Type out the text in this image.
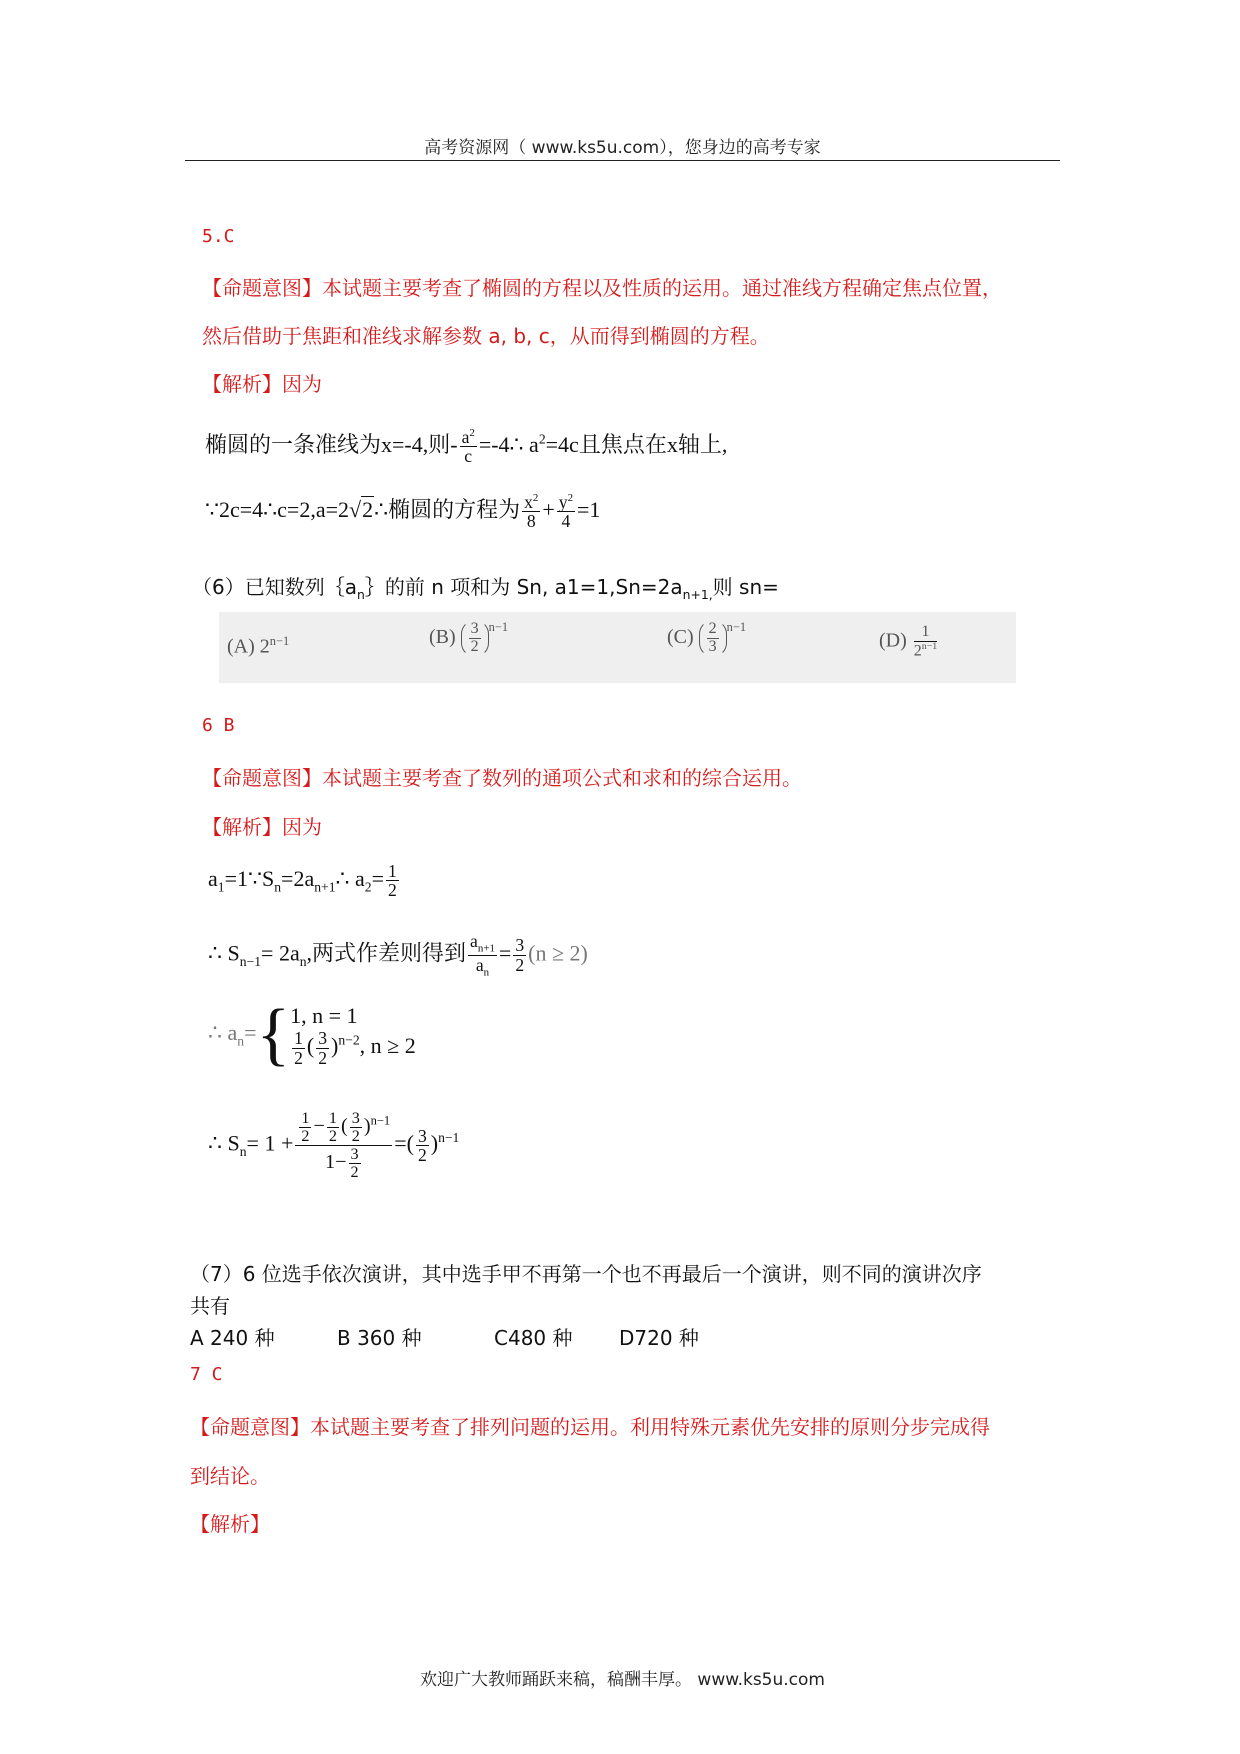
高考资源网（ www.ks5u.com），您身边的高考专家
5.C
【命题意图】本试题主要考查了椭圆的方程以及性质的运用。通过准线方程确定焦点位置，
然后借助于焦距和准线求解参数 a, b, c，从而得到椭圆的方程。
【解析】因为
椭圆的一条准线为x=-4,则- $\frac{a^2}{c}$ =-4∴ $a^2=4c$且焦点在x轴上,
∵2c=4∴c=2,a=2√2∴椭圆的方程为 $\frac{x^2}{8} + \frac{y^2}{4} =1$
（6）已知数列$\{a_n\}$的前 n 项和为 Sn, $a1=1,Sn=2a_{n+1,}$则 sn=
(A) $2^{n-1}$	$(B) \frac{3}{2} ^{n-1}$	$(C) \frac{2}{3} ^{n-1}$
$(D) \frac{1}{2^{n-1}}$
6 B
【命题意图】本试题主要考查了数列的通项公式和求和的综合运用。
【解析】因为
$a_1=1\because S_n=2a_{n+1}\therefore$ $a_2= \frac{1}{2}$
∴ $S_{n-1}= 2a_n$,两式作差则得到 $\frac{a_{n+1}}{a_n} = \frac{3}{2} (n \ge 2)$
∴ $a_n=${ 1, n = 1
$\frac{1}{2}$ ( $\frac{3}{2} )^{n-2}$, n ≥ 2
∴ $S_n= 1 + \frac{\frac{1}{2} - \frac{1}{2} ( \frac{3}{2} )^{n-1}}{1- \frac{3}{2}}$ =( $\frac{3}{2} )^{n-1}$
（7）6 位选手依次演讲，其中选手甲不再第一个也不再最后一个演讲，则不同的演讲次序
共有
A 240 种	B 360 种	C480 种 D720 种
7 C
【命题意图】本试题主要考查了排列问题的运用。利用特殊元素优先安排的原则分步完成得
到结论。
【解析】
欢迎广大教师踊跃来稿，稿酬丰厚。 www.ks5u.com
